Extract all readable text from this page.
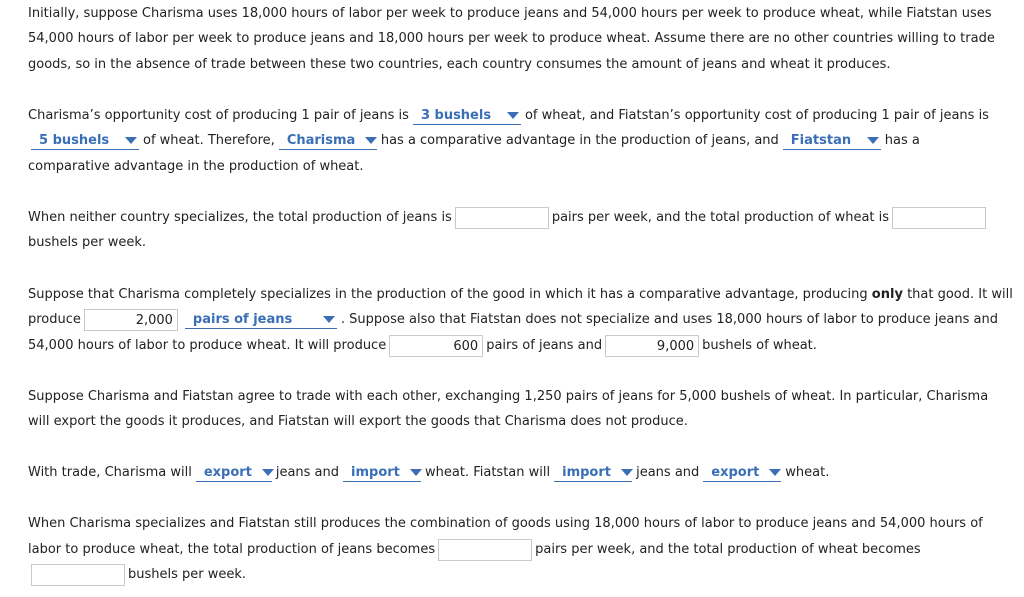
Initially, suppose Charisma uses 18,000 hours of labor per week to produce jeans and 54,000 hours per week to produce wheat, while Fiatstan uses
54,000 hours of labor per week to produce jeans and 18,000 hours per week to produce wheat. Assume there are no other countries willing to trade
goods, so in the absence of trade between these two countries, each country consumes the amount of jeans and wheat it produces.
Charisma’s opportunity cost of producing 1 pair of jeans is 3 bushels	of wheat, and Fiatstan’s opportunity cost of producing 1 pair of jeans is
5 bushels	of wheat. Therefore, Charisma has a comparative advantage in the production of jeans, and Fiatstan	has a
comparative advantage in the production of wheat.
When neither country specializes, the total production of jeans is	pairs per week, and the total production of wheat is
bushels per week.
Suppose that Charisma completely specializes in the production of the good in which it has a comparative advantage, producing
only
that good. It will
produce	2,000	pairs of jeans	. Suppose also that Fiatstan does not specialize and uses 18,000 hours of labor to produce jeans and
54,000 hours of labor to produce wheat. It will produce	600 pairs of jeans and	9,000 bushels of wheat.
Suppose Charisma and Fiatstan agree to trade with each other, exchanging 1,250 pairs of jeans for 5,000 bushels of wheat. In particular, Charisma
will export the goods it produces, and Fiatstan will export the goods that Charisma does not produce.
With trade, Charisma will export jeans and import wheat. Fiatstan will import jeans and export wheat.
When Charisma specializes and Fiatstan still produces the combination of goods using 18,000 hours of labor to produce jeans and 54,000 hours of
labor to produce wheat, the total production of jeans becomes	pairs per week, and the total production of wheat becomes
bushels per week.
